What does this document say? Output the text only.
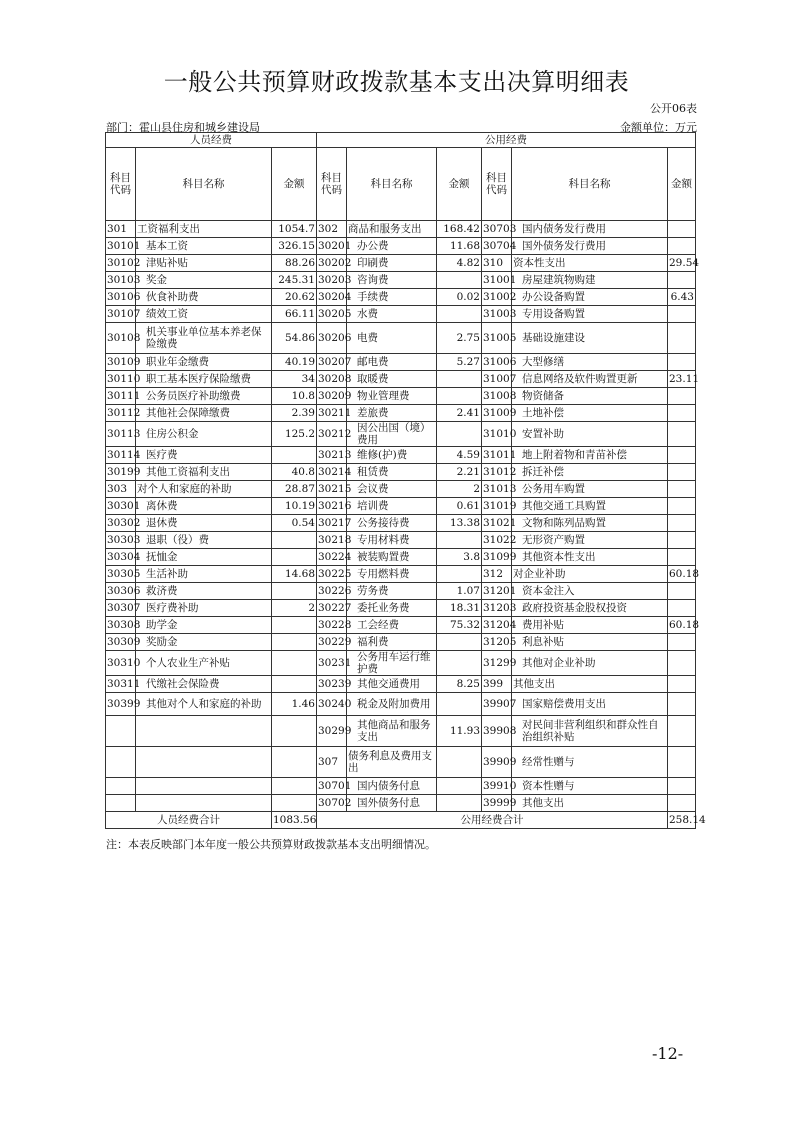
一般公共预算财政拨款基本支出决算明细表
公开06表
部门：霍山县住房和城乡建设局	金额单位：万元
人员经费			公用经费					
科目代码	科目名称	金额	科目代码	科目名称	金额	科目代码	科目名称	金额
301	工资福利支出	1054.7	302	商品和服务支出	168.42	30703	国内债务发行费用	
30101	基本工资	326.15	30201	办公费	11.68	30704	国外债务发行费用	
30102	津贴补贴	88.26	30202	印刷费	4.82	310	资本性支出	29.54
30103	奖金	245.31	30203	咨询费		31001	房屋建筑物购建	
30106	伙食补助费	20.62	30204	手续费	0.02	31002	办公设备购置	6.43
30107	绩效工资	66.11	30205	水费		31003	专用设备购置	
30108	机关事业单位基本养老保险缴费	54.86	30206	电费	2.75	31005	基础设施建设	
30109	职业年金缴费	40.19	30207	邮电费	5.27	31006	大型修缮	
30110	职工基本医疗保险缴费	34	30208	取暖费		31007	信息网络及软件购置更新	23.11
30111	公务员医疗补助缴费	10.8	30209	物业管理费		31008	物资储备	
30112	其他社会保障缴费	2.39	30211	差旅费	2.41	31009	土地补偿	
30113	住房公积金	125.2	30212	因公出国（境）费用		31010	安置补助	
30114	医疗费		30213	维修(护)费	4.59	31011	地上附着物和青苗补偿	
30199	其他工资福利支出	40.8	30214	租赁费	2.21	31012	拆迁补偿	
303	对个人和家庭的补助	28.87	30215	会议费	2	31013	公务用车购置	
30301	离休费	10.19	30216	培训费	0.61	31019	其他交通工具购置	
30302	退休费	0.54	30217	公务接待费	13.38	31021	文物和陈列品购置	
30303	退职（役）费		30218	专用材料费		31022	无形资产购置	
30304	抚恤金		30224	被装购置费	3.8	31099	其他资本性支出	
30305	生活补助	14.68	30225	专用燃料费		312	对企业补助	60.18
30306	救济费		30226	劳务费	1.07	31201	资本金注入	
30307	医疗费补助	2	30227	委托业务费	18.31	31203	政府投资基金股权投资	
30308	助学金		30228	工会经费	75.32	31204	费用补贴	60.18
30309	奖励金		30229	福利费		31205	利息补贴	
30310	个人农业生产补贴		30231	公务用车运行维护费		31299	其他对企业补助	
30311	代缴社会保险费		30239	其他交通费用	8.25	399	其他支出	
30399	其他对个人和家庭的补助	1.46	30240	税金及附加费用		39907	国家赔偿费用支出	
			30299	其他商品和服务支出	11.93	39908	对民间非营利组织和群众性自治组织补贴	
			307	债务利息及费用支出		39909	经常性赠与	
			30701	国内债务付息		39910	资本性赠与	
			30702	国外债务付息		39999	其他支出	
人员经费合计		1083.56	公用经费合计					258.14
注：本表反映部门本年度一般公共预算财政拨款基本支出明细情况。
-12-
